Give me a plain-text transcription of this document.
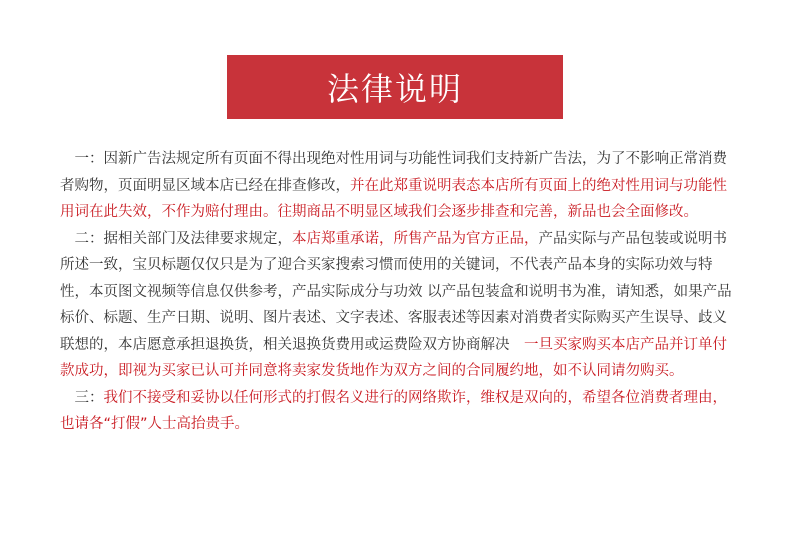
法律说明

　一：因新广告法规定所有页面不得出现绝对性用词与功能性词我们支持新广告法，为了不影响正常消费者购物，页面明显区域本店已经在排查修改，并在此郑重说明表态本店所有页面上的绝对性用词与功能性用词在此失效，不作为赔付理由。往期商品不明显区域我们会逐步排查和完善，新品也会全面修改。

　二：据相关部门及法律要求规定，本店郑重承诺，所售产品为官方正品，产品实际与产品包装或说明书所述一致，宝贝标题仅仅只是为了迎合买家搜索习惯而使用的关键词，不代表产品本身的实际功效与特性，本页图文视频等信息仅供参考，产品实际成分与功效 以产品包装盒和说明书为准，请知悉，如果产品标价、标题、生产日期、说明、图片表述、文字表述、客服表述等因素对消费者实际购买产生误导、歧义联想的，本店愿意承担退换货，相关退换货费用或运费险双方协商解决　一旦买家购买本店产品并订单付款成功，即视为买家已认可并同意将卖家发货地作为双方之间的合同履约地，如不认同请勿购买。

　三：我们不接受和妥协以任何形式的打假名义进行的网络欺诈，维权是双向的，希望各位消费者理由，也请各“打假”人士高抬贵手。
